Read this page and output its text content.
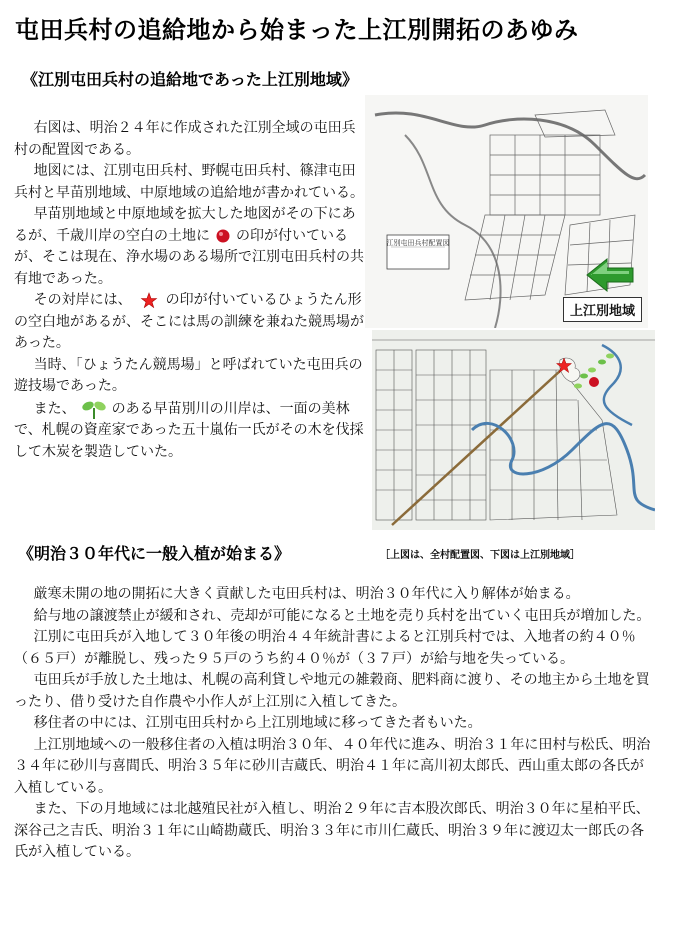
屯田兵村の追給地から始まった上江別開拓のあゆみ
《江別屯田兵村の追給地であった上江別地域》

右図は、明治２４年に作成された江別全域の屯田兵村の配置図である。

地図には、江別屯田兵村、野幌屯田兵村、篠津屯田兵村と早苗別地域、中原地域の追給地が書かれている。

早苗別地域と中原地域を拡大した地図がその下にあるが、千歳川岸の空白の土地に の印が付いているが、そこは現在、浄水場のある場所で江別屯田兵村の共有地であった。

その対岸には、 の印が付いているひょうたん形の空白地があるが、そこには馬の訓練を兼ねた競馬場があった。

当時、「ひょうたん競馬場」と呼ばれていた屯田兵の遊技場であった。

また、	のある早苗別川の川岸は、一面の美林で、札幌の資産家であった五十嵐佑一氏がその木を伐採して木炭を製造していた。

江別屯田兵村配置図
上江別地域
《明治３０年代に一般入植が始まる》	［上図は、全村配置図、下図は上江別地域］

厳寒未開の地の開拓に大きく貢献した屯田兵村は、明治３０年代に入り解体が始まる。

給与地の譲渡禁止が緩和され、売却が可能になると土地を売り兵村を出ていく屯田兵が増加した。

江別に屯田兵が入地して３０年後の明治４４年統計書によると江別兵村では、入地者の約４０％（６５戸）が離脱し、残った９５戸のうち約４０％が（３７戸）が給与地を失っている。

屯田兵が手放した土地は、札幌の高利貸しや地元の雑穀商、肥料商に渡り、その地主から土地を買ったり、借り受けた自作農や小作人が上江別に入植してきた。

移住者の中には、江別屯田兵村から上江別地域に移ってきた者もいた。

上江別地域への一般移住者の入植は明治３０年、４０年代に進み、明治３１年に田村与松氏、明治３４年に砂川与喜間氏、明治３５年に砂川吉蔵氏、明治４１年に高川初太郎氏、西山重太郎の各氏が入植している。

また、下の月地域には北越殖民社が入植し、明治２９年に吉本股次郎氏、明治３０年に星柏平氏、深谷己之吉氏、明治３１年に山崎勘蔵氏、明治３３年に市川仁蔵氏、明治３９年に渡辺太一郎氏の各氏が入植している。
